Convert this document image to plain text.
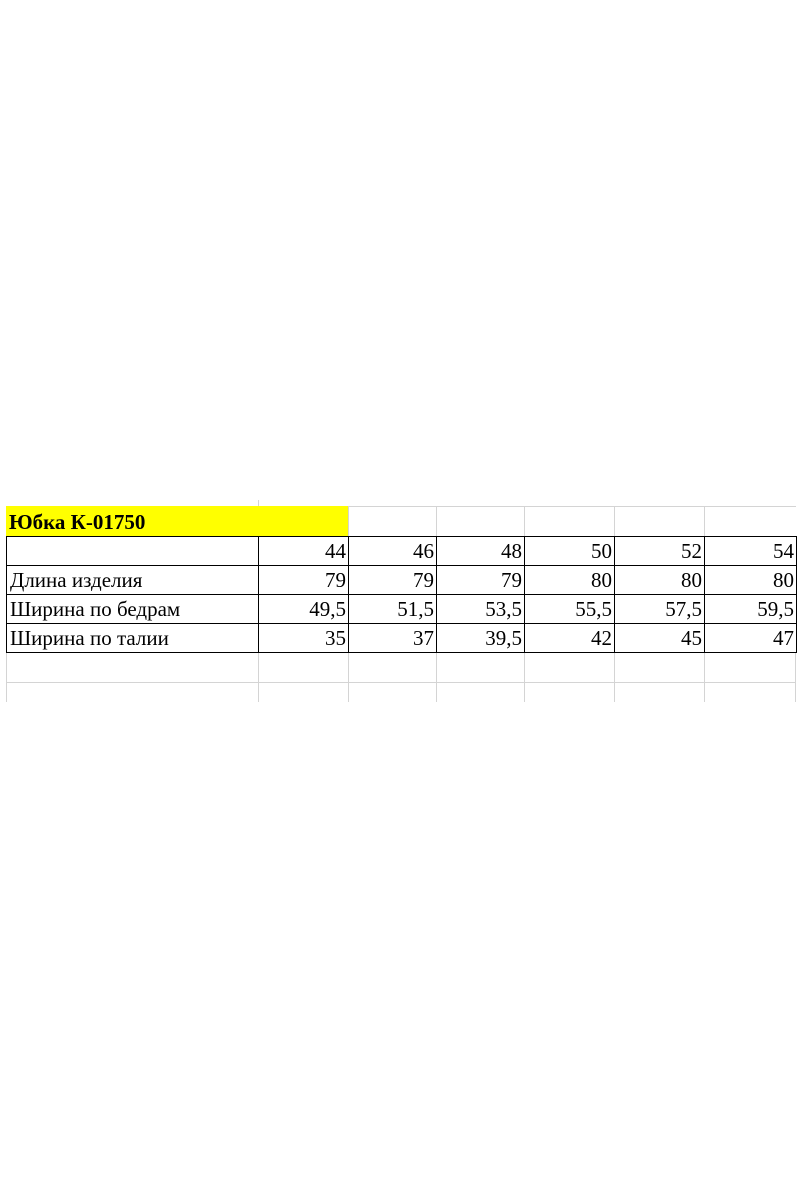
Юбка К-01750
	44	46	48	50	52	54
Длина изделия	79	79	79	80	80	80
Ширина по бедрам	49,5	51,5	53,5	55,5	57,5	59,5
Ширина по талии	35	37	39,5	42	45	47
